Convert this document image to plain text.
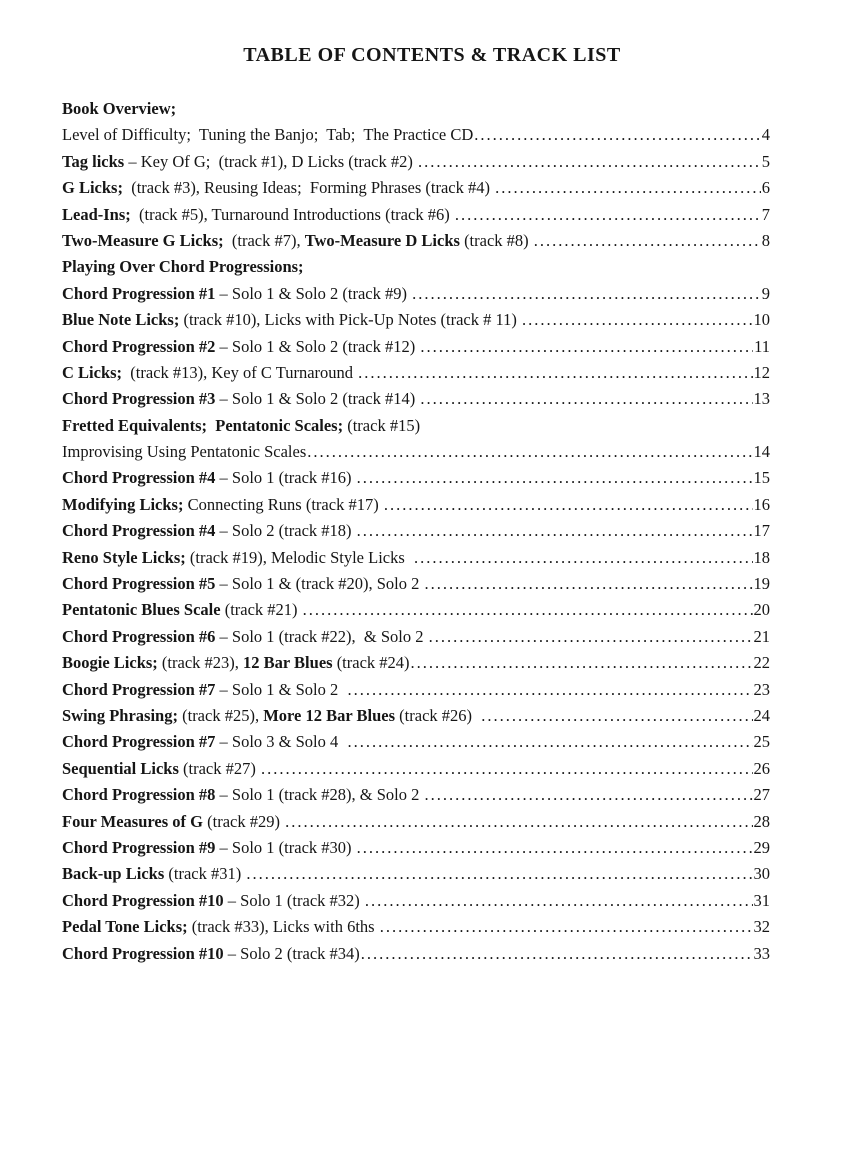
TABLE OF CONTENTS & TRACK LIST
Book Overview;
Level of Difficulty;  Tuning the Banjo;  Tab;  The Practice CD .....	4
Tag licks – Key Of G;  (track #1), D Licks (track #2) .....	5
G Licks; (track #3), Reusing Ideas;  Forming Phrases (track #4) .....	6
Lead-Ins; (track #5), Turnaround Introductions (track #6) .....	7
Two-Measure G Licks; (track #7), Two-Measure D Licks (track #8) .....	8
Playing Over Chord Progressions;
Chord Progression #1 – Solo 1 & Solo 2 (track #9) .....	9
Blue Note Licks; (track #10), Licks with Pick-Up Notes (track # 11) .....	10
Chord Progression #2 – Solo 1 & Solo 2 (track #12) .....	11
C Licks; (track #13), Key of C Turnaround .....	12
Chord Progression #3 – Solo 1 & Solo 2 (track #14) .....	13
Fretted Equivalents;
Pentatonic Scales; (track #15)
Improvising Using Pentatonic Scales .....	14
Chord Progression #4 – Solo 1 (track #16) .....	15
Modifying Licks; Connecting Runs (track #17) .....	16
Chord Progression #4 – Solo 2 (track #18) .....	17
Reno Style Licks; (track #19), Melodic Style Licks .....	18
Chord Progression #5 – Solo 1 & (track #20), Solo 2 .....	19
Pentatonic Blues Scale (track #21) .....	20
Chord Progression #6 – Solo 1 (track #22),  & Solo 2 .....	21
Boogie Licks; (track #23), 12 Bar Blues (track #24) .....	22
Chord Progression #7 – Solo 1 & Solo 2 .....	23
Swing Phrasing; (track #25), More 12 Bar Blues (track #26) .....	24
Chord Progression #7 – Solo 3 & Solo 4 .....	25
Sequential Licks (track #27) .....	26
Chord Progression #8 – Solo 1 (track #28), & Solo 2 .....	27
Four Measures of G (track #29) .....	28
Chord Progression #9 – Solo 1 (track #30) .....	29
Back-up Licks (track #31) .....	30
Chord Progression #10 – Solo 1 (track #32) .....	31
Pedal Tone Licks; (track #33), Licks with 6ths .....	32
Chord Progression #10 – Solo 2 (track #34) .....	33
